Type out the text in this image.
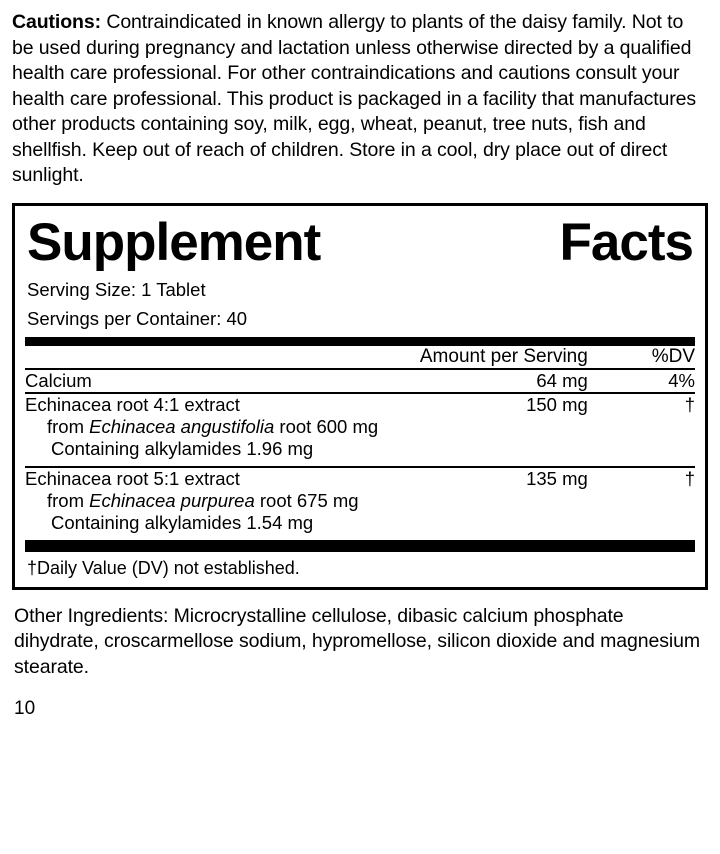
Cautions: Contraindicated in known allergy to plants of the daisy family. Not to be used during pregnancy and lactation unless otherwise directed by a qualified health care professional. For other contraindications and cautions consult your health care professional. This product is packaged in a facility that manufactures other products containing soy, milk, egg, wheat, peanut, tree nuts, fish and shellfish. Keep out of reach of children. Store in a cool, dry place out of direct sunlight.

Supplement	Facts
Serving Size: 1 Tablet
Servings per Container: 40
	Amount per Serving	%DV
Calcium	64 mg	4%
Echinacea root 4:1 extract	150 mg	†
from Echinacea angustifolia root 600 mg
Containing alkylamides 1.96 mg
Echinacea root 5:1 extract	135 mg	†
from Echinacea purpurea root 675 mg
Containing alkylamides 1.54 mg
†Daily Value (DV) not established.

Other Ingredients: Microcrystalline cellulose, dibasic calcium phosphate dihydrate, croscarmellose sodium, hypromellose, silicon dioxide and magnesium stearate.

10
